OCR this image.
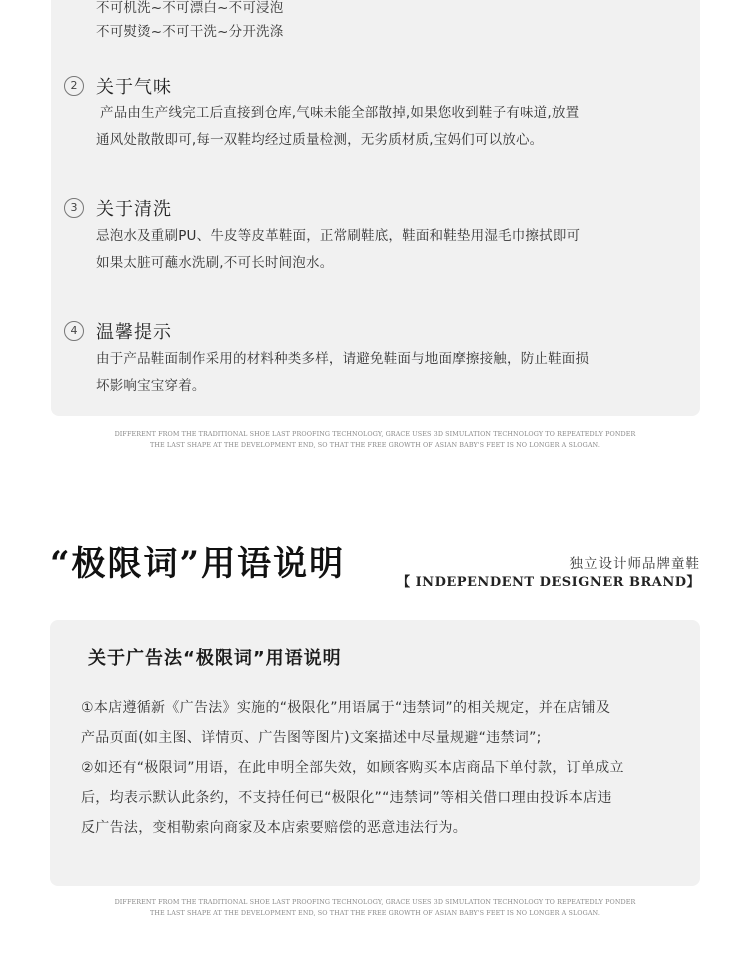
不可机洗~不可漂白~不可浸泡
不可熨烫~不可干洗~分开洗涤
2	关于气味
产品由生产线完工后直接到仓库,气味未能全部散掉,如果您收到鞋子有味道,放置
通风处散散即可,每一双鞋均经过质量检测，无劣质材质,宝妈们可以放心。
3	关于清洗
忌泡水及重刷PU、牛皮等皮革鞋面，正常刷鞋底，鞋面和鞋垫用湿毛巾擦拭即可
如果太脏可蘸水洗刷,不可长时间泡水。
4	温馨提示
由于产品鞋面制作采用的材料种类多样，请避免鞋面与地面摩擦接触，防止鞋面损
坏影响宝宝穿着。
DIFFERENT FROM THE TRADITIONAL SHOE LAST PROOFING TECHNOLOGY, GRACE USES 3D SIMULATION TECHNOLOGY TO REPEATEDLY PONDER
THE LAST SHAPE AT THE DEVELOPMENT END, SO THAT THE FREE GROWTH OF ASIAN BABY'S FEET IS NO LONGER A SLOGAN.
“极限词”用语说明	独立设计师品牌童鞋
【 INDEPENDENT DESIGNER BRAND】
关于广告法“极限词”用语说明
①本店遵循新《广告法》实施的“极限化”用语属于“违禁词”的相关规定，并在店铺及
产品页面(如主图、详情页、广告图等图片)文案描述中尽量规避“违禁词”;
②如还有“极限词”用语，在此申明全部失效，如顾客购买本店商品下单付款，订单成立
后，均表示默认此条约，不支持任何已“极限化”“违禁词”等相关借口理由投诉本店违
反广告法，变相勒索向商家及本店索要赔偿的恶意违法行为。
DIFFERENT FROM THE TRADITIONAL SHOE LAST PROOFING TECHNOLOGY, GRACE USES 3D SIMULATION TECHNOLOGY TO REPEATEDLY PONDER
THE LAST SHAPE AT THE DEVELOPMENT END, SO THAT THE FREE GROWTH OF ASIAN BABY'S FEET IS NO LONGER A SLOGAN.
